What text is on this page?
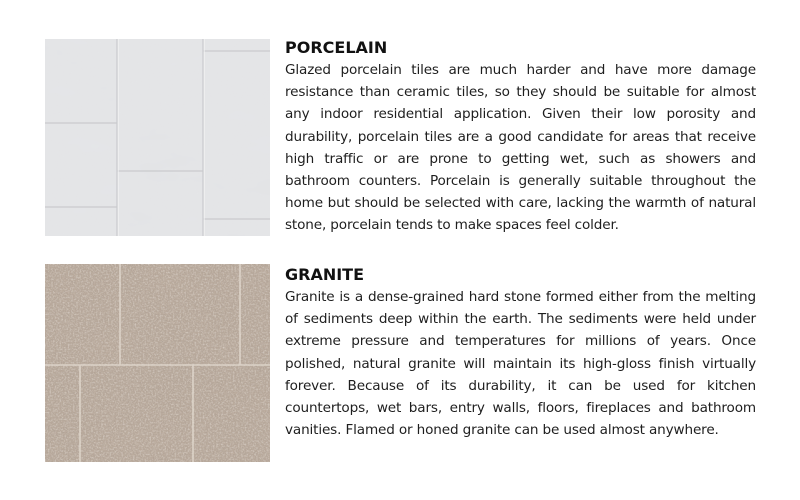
PORCELAIN

Glazed porcelain tiles are much harder and have more damage resistance than ceramic tiles, so they should be suitable for almost any indoor residential application. Given their low porosity and durability, porcelain tiles are a good candidate for areas that receive high traffic or are prone to getting wet, such as showers and bathroom counters. Porcelain is generally suitable throughout the home but should be selected with care, lacking the warmth of natural stone, porcelain tends to make spaces feel colder.

GRANITE

Granite is a dense-grained hard stone formed either from the melting of sediments deep within the earth. The sediments were held under extreme pressure and temperatures for millions of years. Once polished, natural granite will maintain its high-gloss finish virtually forever. Because of its durability, it can be used for kitchen countertops, wet bars, entry walls, floors, fireplaces and bathroom vanities. Flamed or honed granite can be used almost anywhere.
